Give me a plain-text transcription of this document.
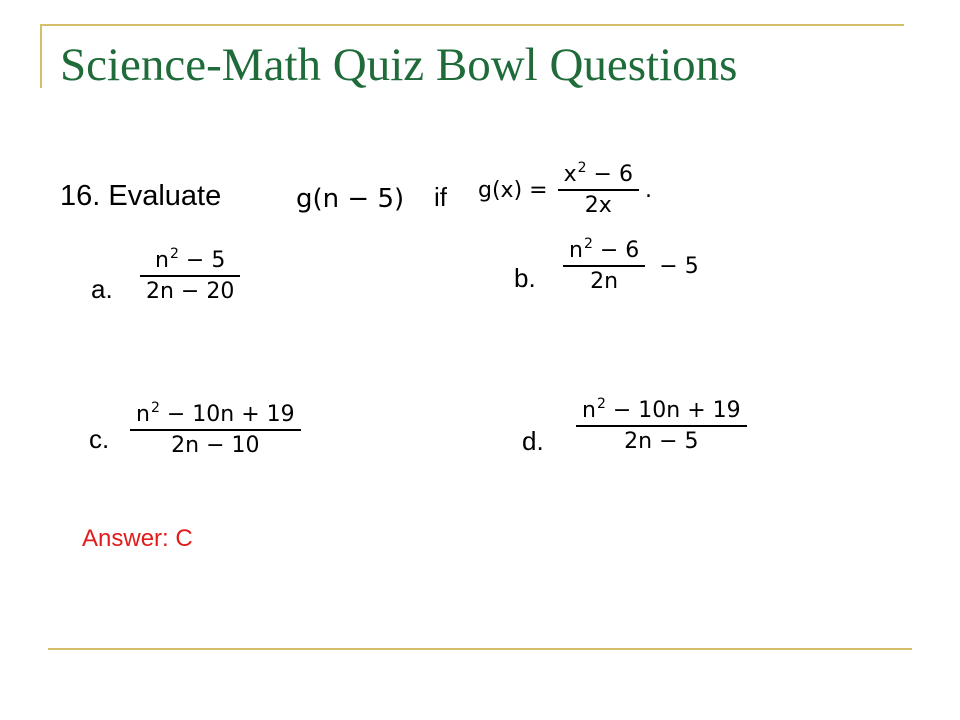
Science-Math Quiz Bowl Questions
16. Evaluate	g(n − 5) if $g(x) = \frac{x^2 - 6}{2x}$ .
a. $\frac{n^2 - 5}{2n - 20}$	b. $\frac{n^2 - 6}{2n} - 5$
c. $\frac{n^2 - 10n + 19}{2n - 10}$	d. $\frac{n^2 - 10n + 19}{2n - 5}$
Answer: C
